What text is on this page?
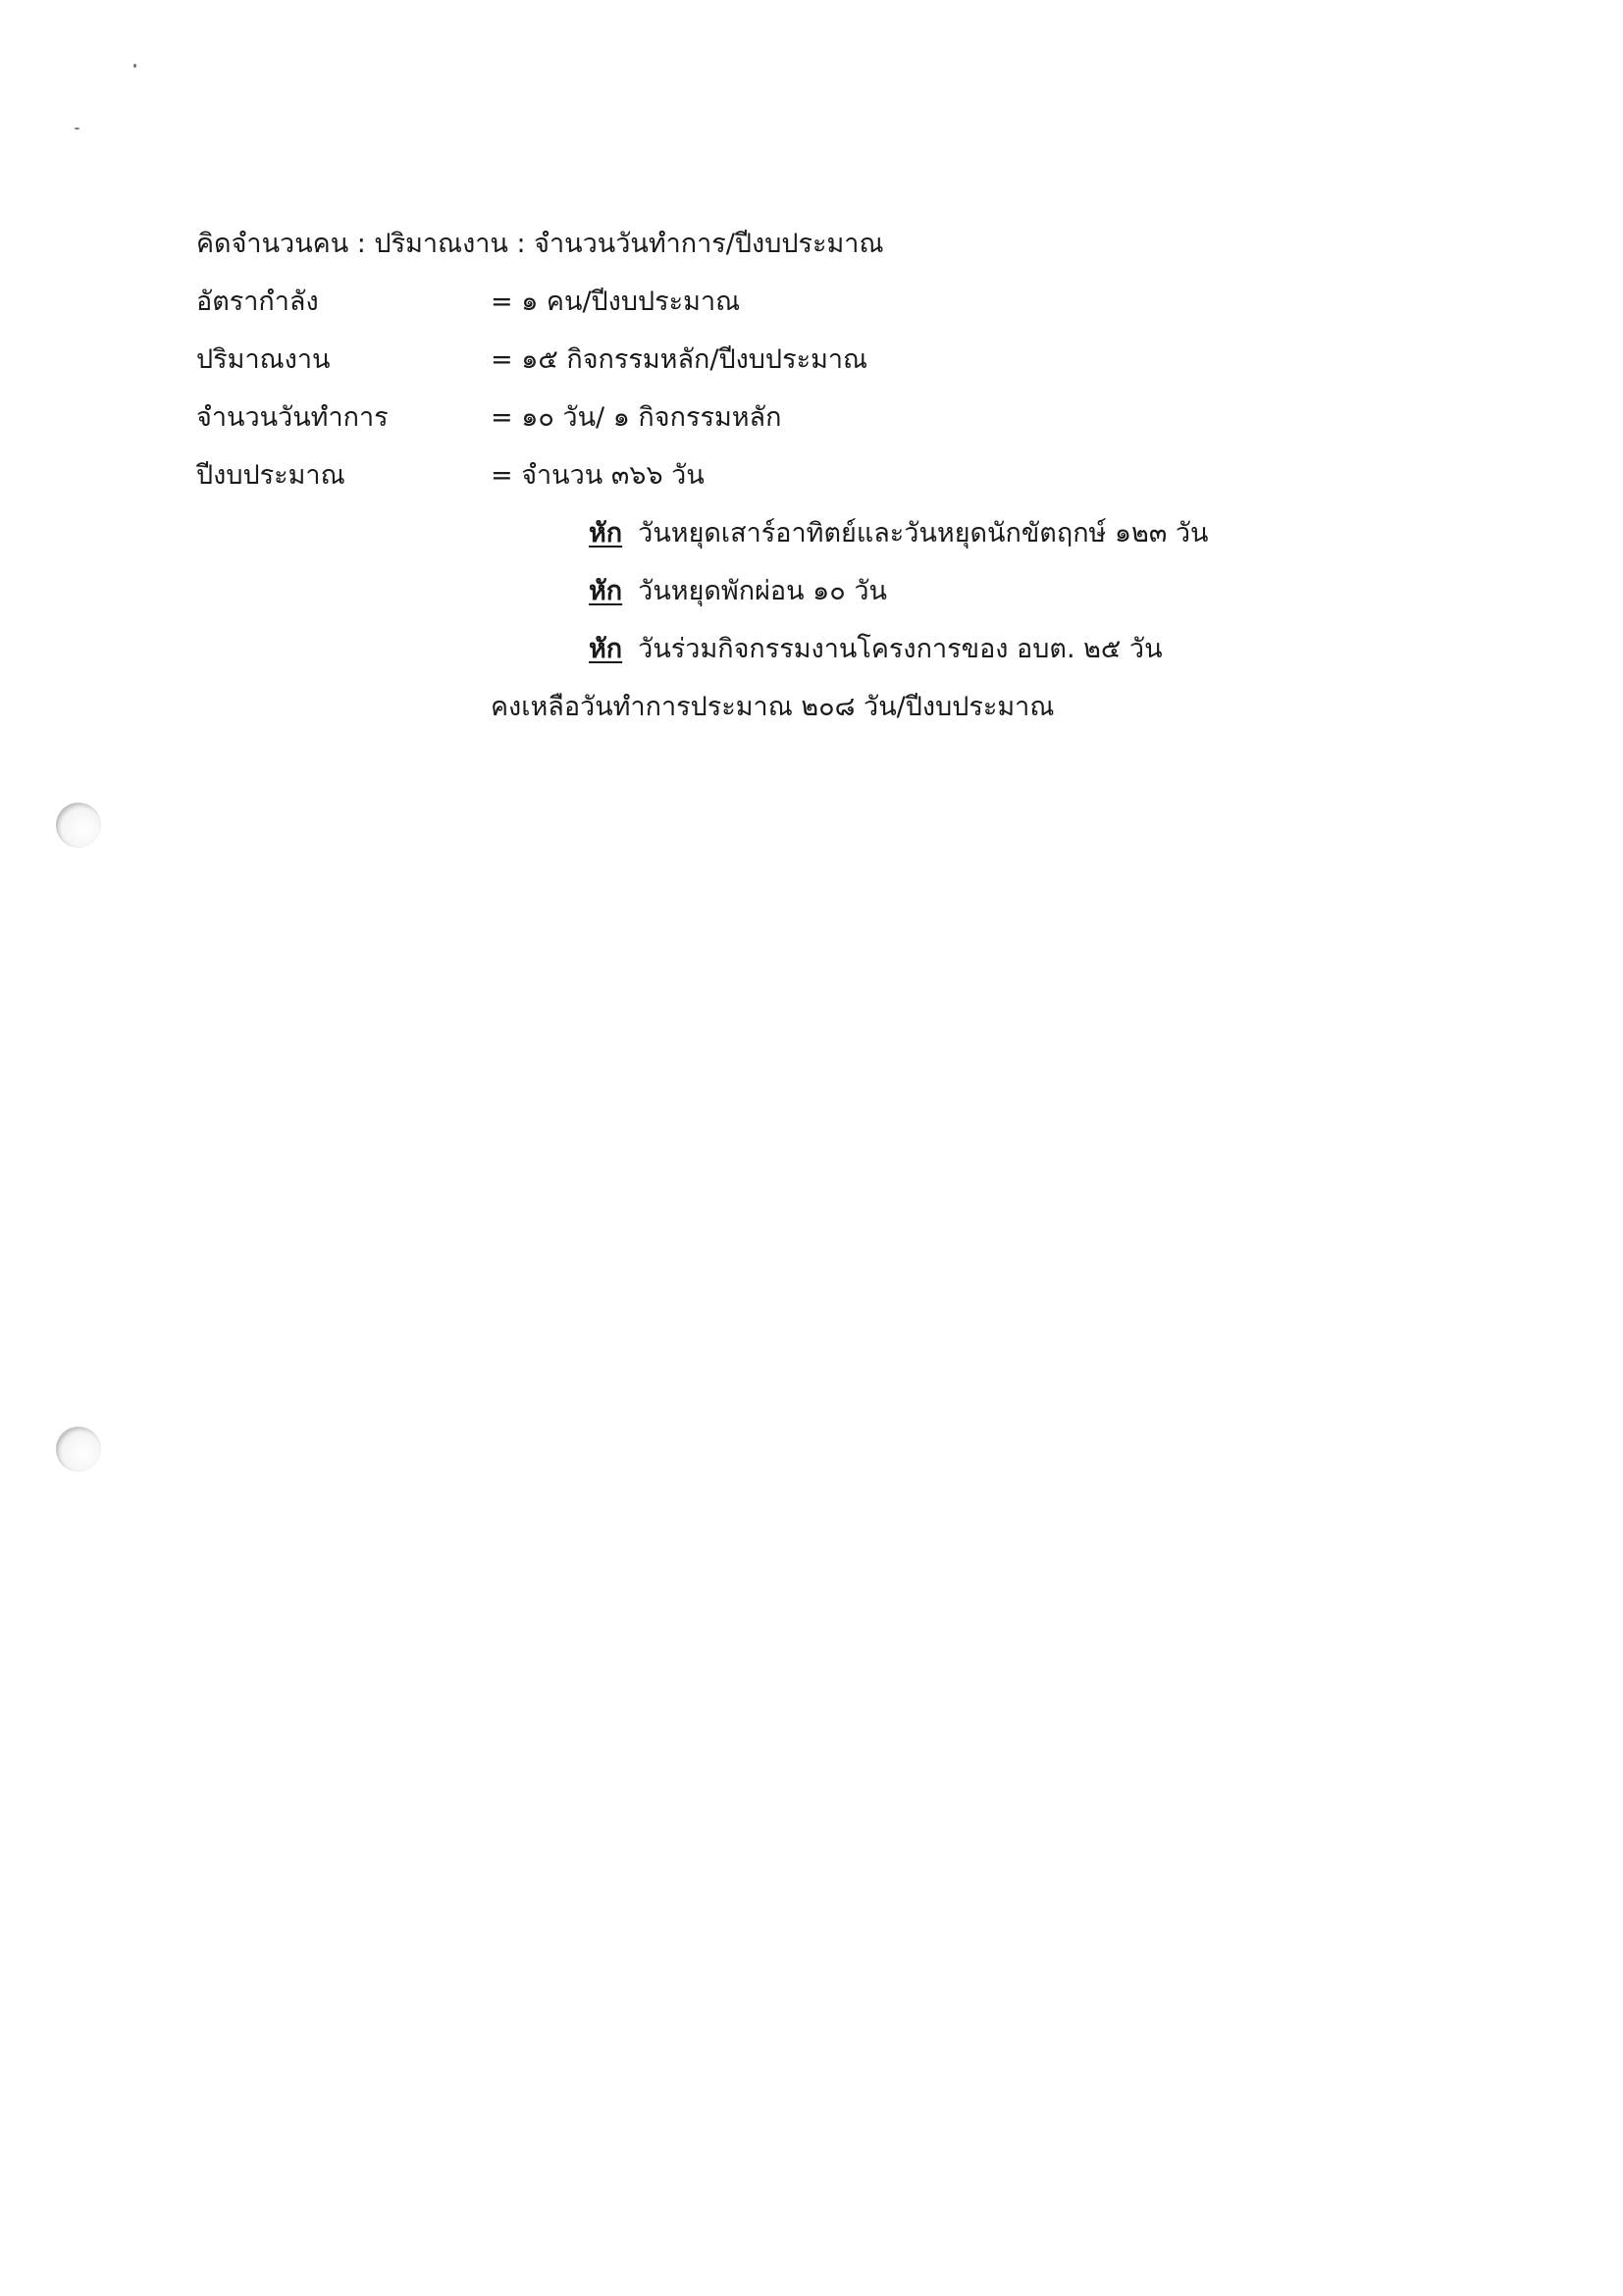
คิดจำนวนคน : ปริมาณงาน : จำนวนวันทำการ/ปีงบประมาณ
อัตรากำลัง	= ๑ คน/ปีงบประมาณ
ปริมาณงาน	= ๑๕ กิจกรรมหลัก/ปีงบประมาณ
จำนวนวันทำการ	= ๑๐ วัน/ ๑ กิจกรรมหลัก
ปีงบประมาณ	= จำนวน ๓๖๖ วัน
หัก วันหยุดเสาร์อาทิตย์และวันหยุดนักขัตฤกษ์ ๑๒๓ วัน
หัก วันหยุดพักผ่อน ๑๐ วัน
หัก วันร่วมกิจกรรมงานโครงการของ อบต. ๒๕ วัน
คงเหลือวันทำการประมาณ ๒๐๘ วัน/ปีงบประมาณ
